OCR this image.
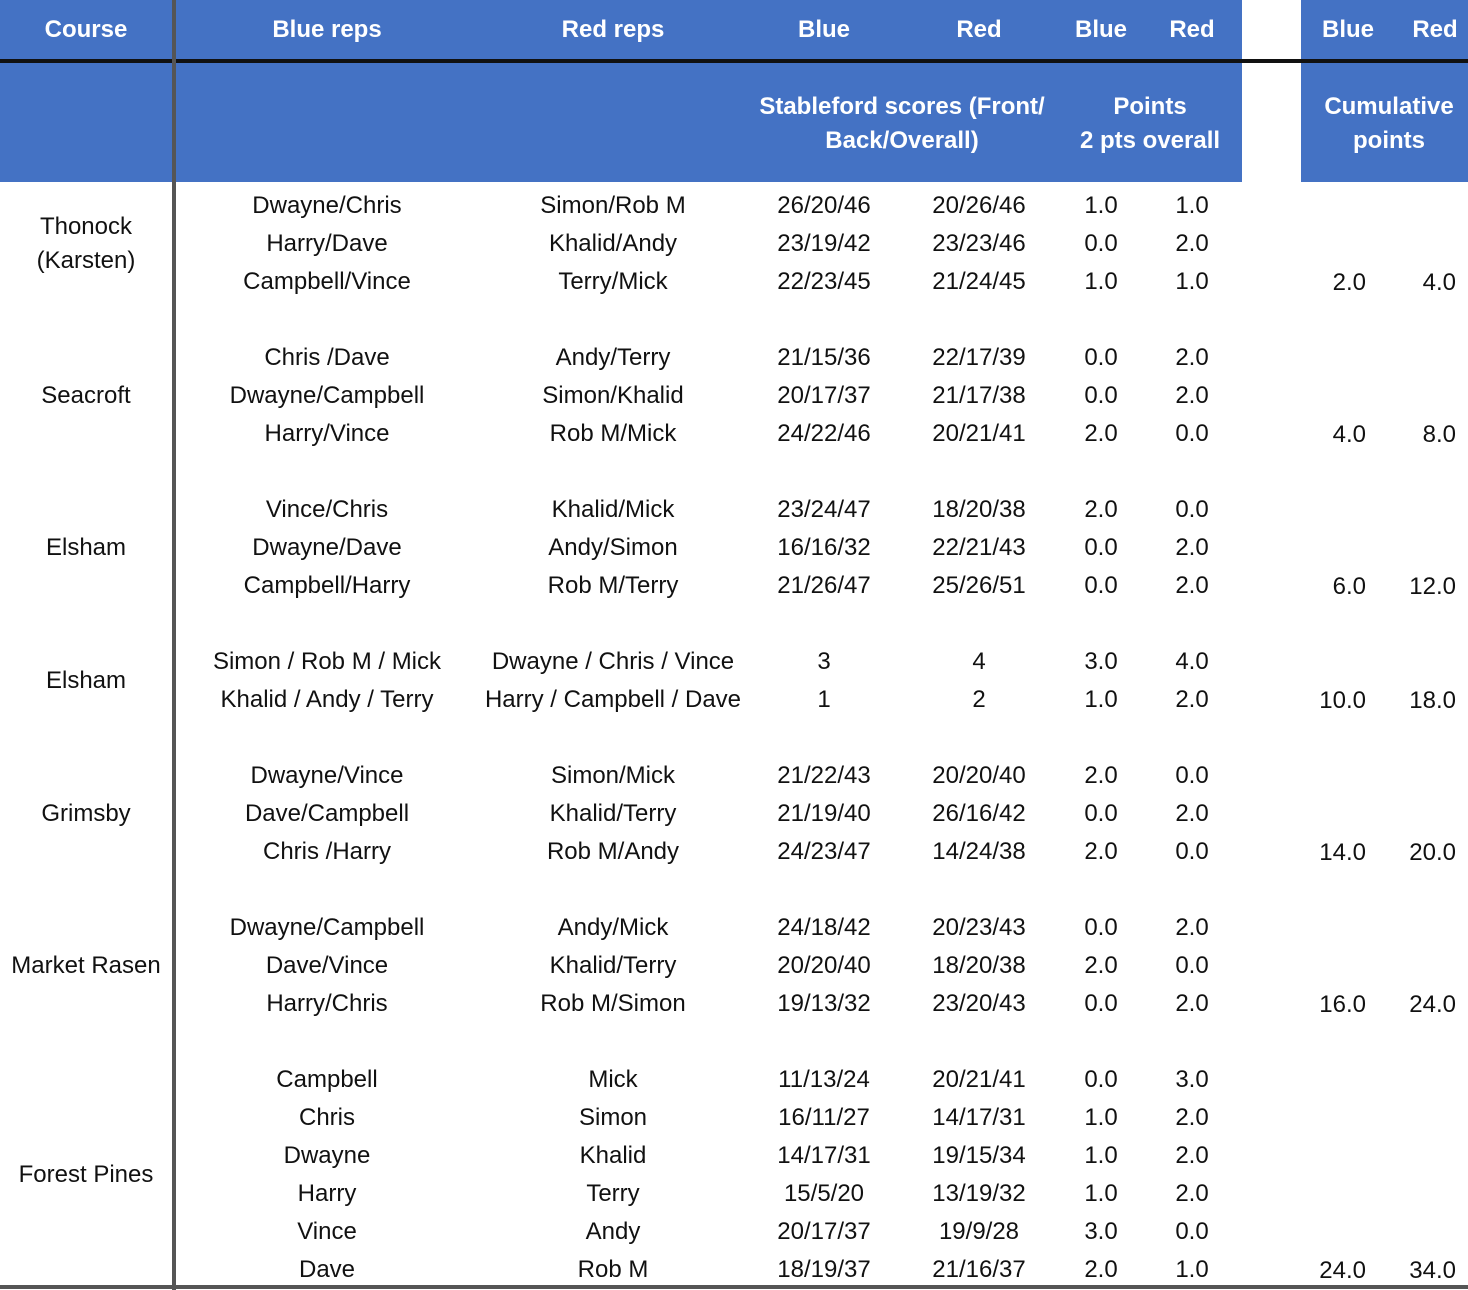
Course	Blue reps	Red reps	Blue	Red	Blue	Red	Blue	Red
Stableford scores (Front/
Back/Overall)
Points
2 pts overall
Cumulative
points
Thonock
(Karsten)
Dwayne/Chris	Simon/Rob M	26/20/46	20/26/46	1.0	1.0
Harry/Dave	Khalid/Andy	23/19/42	23/23/46	0.0	2.0
Campbell/Vince	Terry/Mick	22/23/45	21/24/45	1.0	1.0	2.0 4.0
Seacroft
Chris /Dave	Andy/Terry	21/15/36	22/17/39	0.0	2.0
Dwayne/Campbell	Simon/Khalid	20/17/37	21/17/38	0.0	2.0
Harry/Vince	Rob M/Mick	24/22/46	20/21/41	2.0	0.0	4.0 8.0
Elsham
Vince/Chris	Khalid/Mick	23/24/47	18/20/38	2.0	0.0
Dwayne/Dave	Andy/Simon	16/16/32	22/21/43	0.0	2.0
Campbell/Harry	Rob M/Terry	21/26/47	25/26/51	0.0	2.0	6.0 12.0
Elsham
Simon / Rob M / Mick	Dwayne / Chris / Vince	3	4	3.0	4.0
Khalid / Andy / Terry	Harry / Campbell / Dave	1	2	1.0	2.0	10.0 18.0
Grimsby
Dwayne/Vince	Simon/Mick	21/22/43	20/20/40	2.0	0.0
Dave/Campbell	Khalid/Terry	21/19/40	26/16/42	0.0	2.0
Chris /Harry	Rob M/Andy	24/23/47	14/24/38	2.0	0.0	14.0 20.0
Market Rasen
Dwayne/Campbell	Andy/Mick	24/18/42	20/23/43	0.0	2.0
Dave/Vince	Khalid/Terry	20/20/40	18/20/38	2.0	0.0
Harry/Chris	Rob M/Simon	19/13/32	23/20/43	0.0	2.0	16.0 24.0
Forest Pines
Campbell	Mick	11/13/24	20/21/41	0.0	3.0
Chris	Simon	16/11/27	14/17/31	1.0	2.0
Dwayne	Khalid	14/17/31	19/15/34	1.0	2.0
Harry	Terry	15/5/20	13/19/32	1.0	2.0
Vince	Andy	20/17/37	19/9/28	3.0	0.0
Dave	Rob M	18/19/37	21/16/37	2.0	1.0	24.0 34.0
